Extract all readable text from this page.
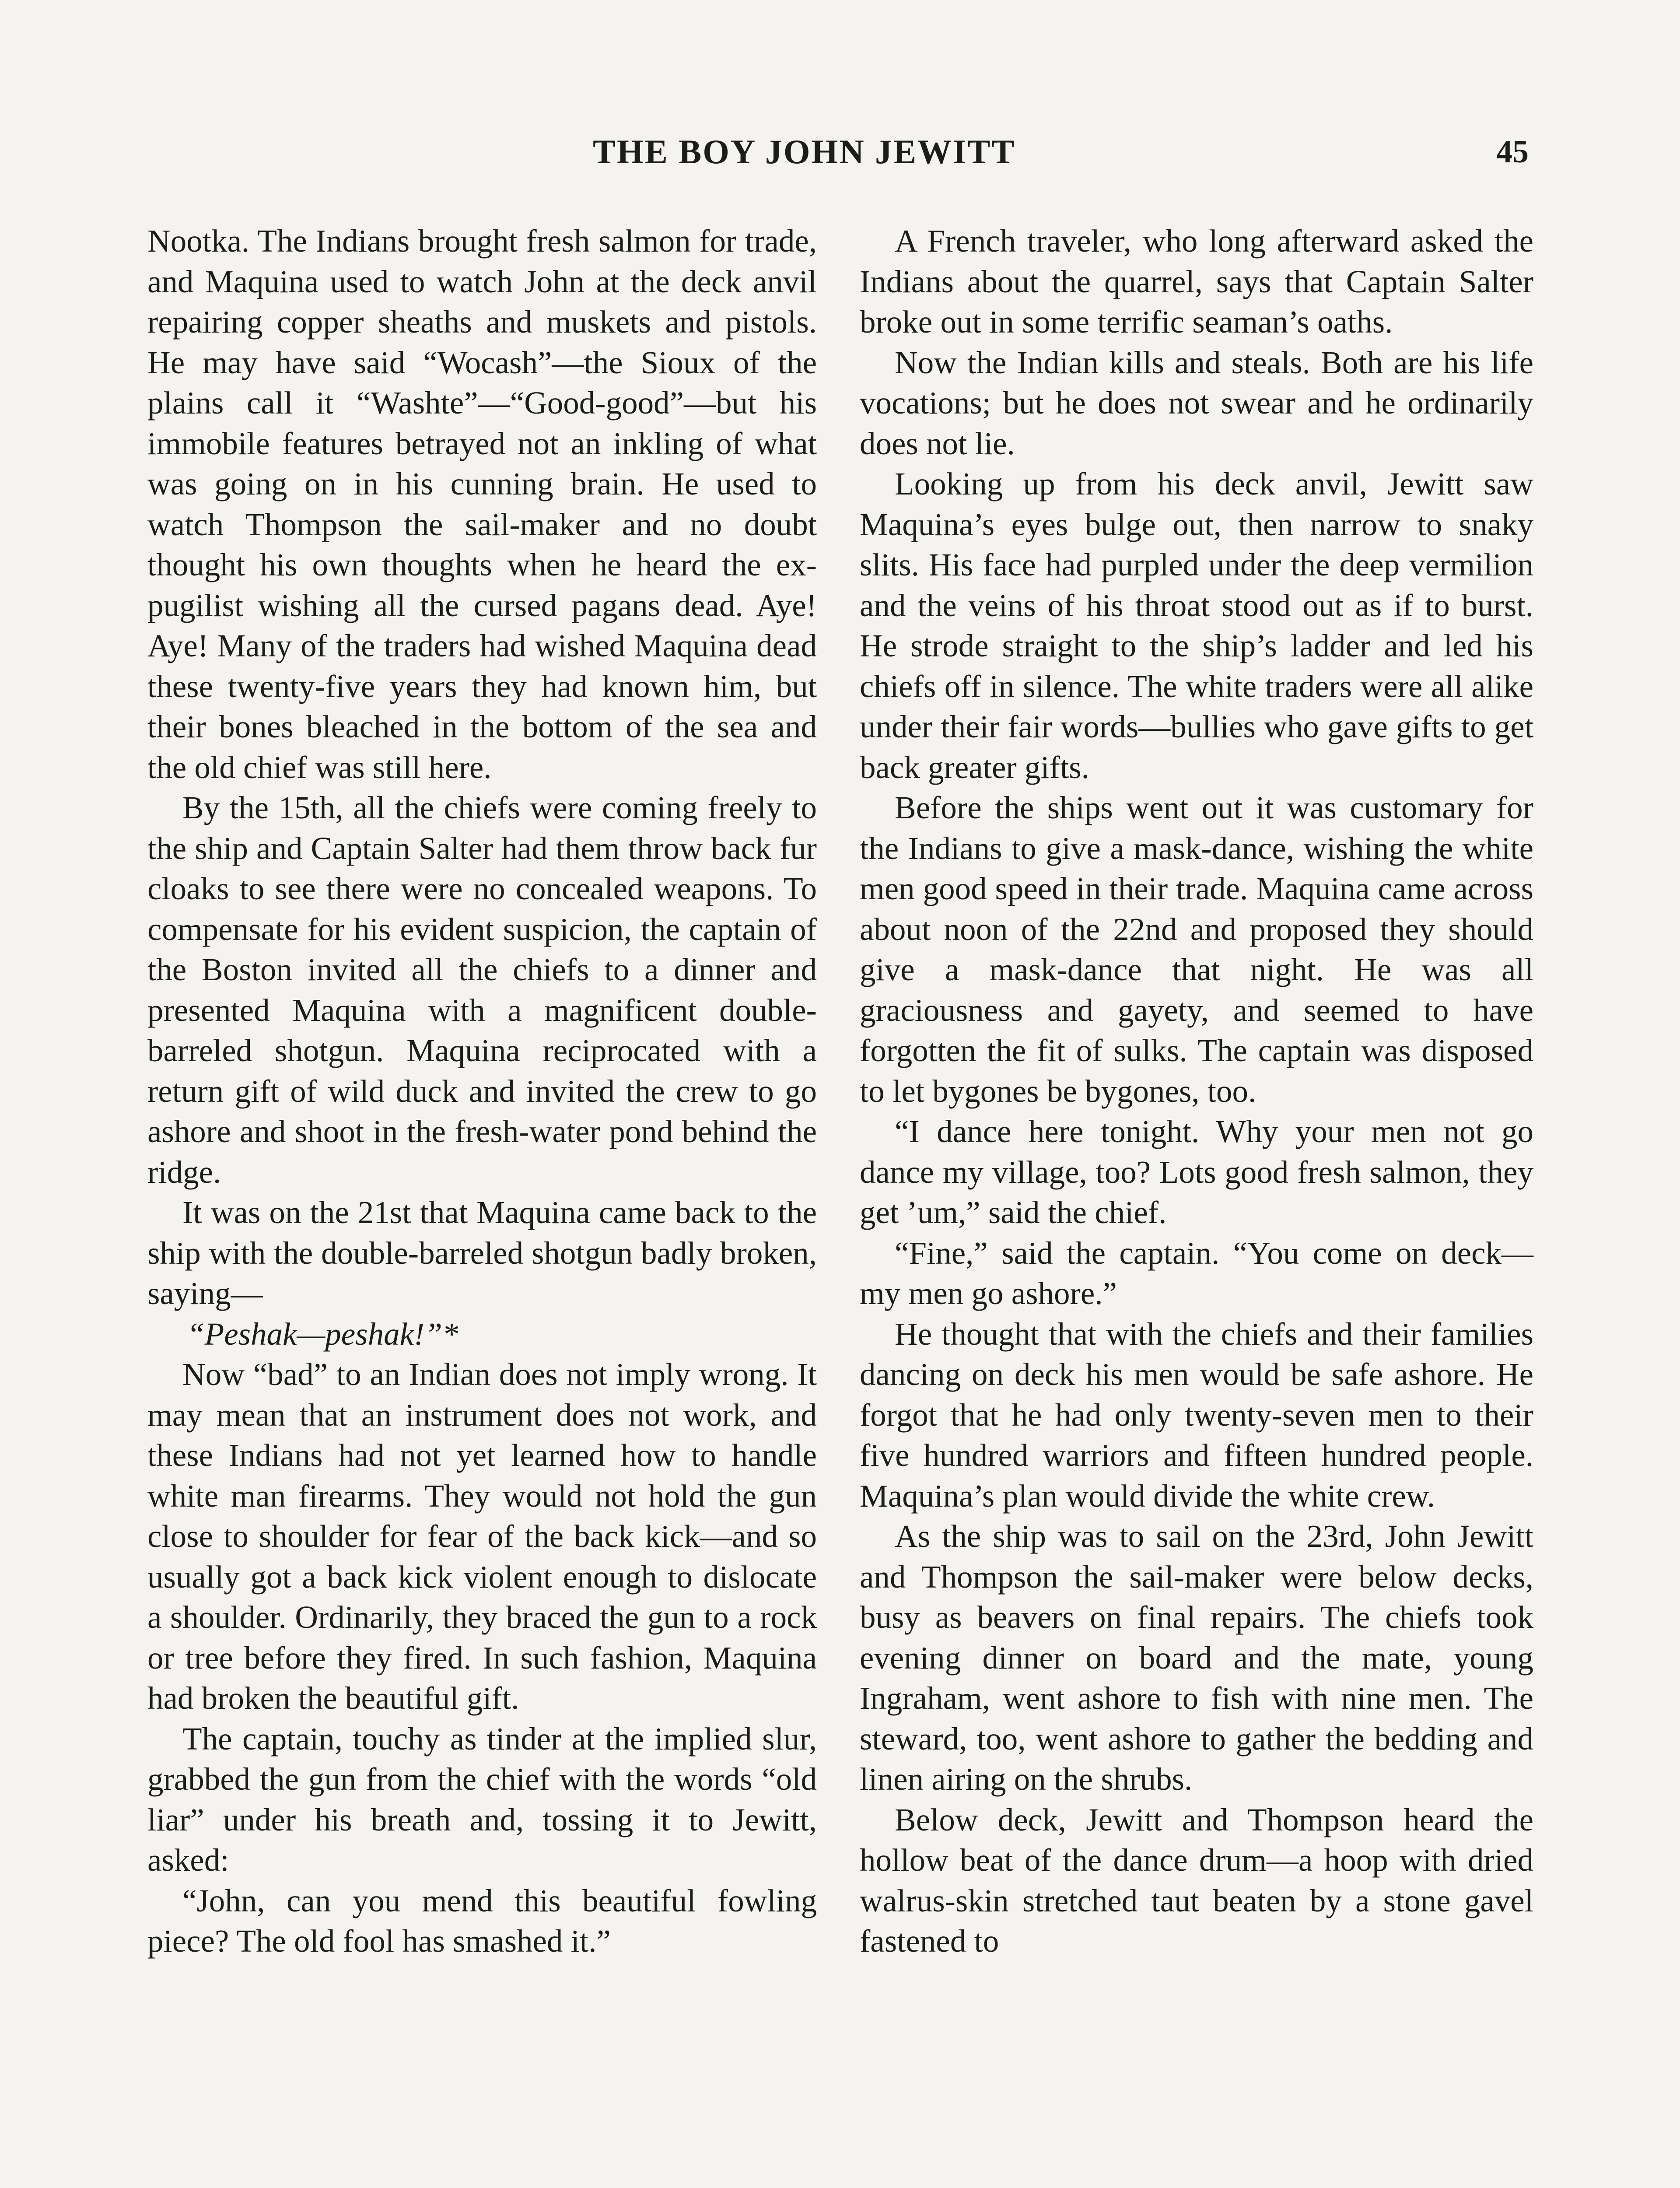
THE BOY JOHN JEWITT	45

Nootka. The Indians brought fresh salmon for trade, and Maquina used to watch John at the deck anvil repairing copper sheaths and muskets and pistols. He may have said “Wocash”—the Sioux of the plains call it “Washte”—“Good-good”—but his immobile features betrayed not an inkling of what was going on in his cunning brain. He used to watch Thompson the sail-maker and no doubt thought his own thoughts when he heard the ex-pugilist wishing all the cursed pagans dead. Aye! Aye! Many of the traders had wished Maquina dead these twenty-five years they had known him, but their bones bleached in the bottom of the sea and the old chief was still here.

By the 15th, all the chiefs were coming freely to the ship and Captain Salter had them throw back fur cloaks to see there were no concealed weapons. To compensate for his evident suspicion, the captain of the Boston invited all the chiefs to a dinner and presented Maquina with a magnificent double-barreled shotgun. Maquina reciprocated with a return gift of wild duck and invited the crew to go ashore and shoot in the fresh-water pond behind the ridge.

It was on the 21st that Maquina came back to the ship with the double-barreled shotgun badly broken, saying—

“Peshak—peshak!”*

Now “bad” to an Indian does not imply wrong. It may mean that an instrument does not work, and these Indians had not yet learned how to handle white man firearms. They would not hold the gun close to shoulder for fear of the back kick—and so usually got a back kick violent enough to dislocate a shoulder. Ordinarily, they braced the gun to a rock or tree before they fired. In such fashion, Maquina had broken the beautiful gift.

The captain, touchy as tinder at the implied slur, grabbed the gun from the chief with the words “old liar” under his breath and, tossing it to Jewitt, asked:

“John, can you mend this beautiful fowling piece? The old fool has smashed it.”

A French traveler, who long afterward asked the Indians about the quarrel, says that Captain Salter broke out in some terrific seaman’s oaths.

Now the Indian kills and steals. Both are his life vocations; but he does not swear and he ordinarily does not lie.

Looking up from his deck anvil, Jewitt saw Maquina’s eyes bulge out, then narrow to snaky slits. His face had purpled under the deep vermilion and the veins of his throat stood out as if to burst. He strode straight to the ship’s ladder and led his chiefs off in silence. The white traders were all alike under their fair words—bullies who gave gifts to get back greater gifts.

Before the ships went out it was customary for the Indians to give a mask-dance, wishing the white men good speed in their trade. Maquina came across about noon of the 22nd and proposed they should give a mask-dance that night. He was all graciousness and gayety, and seemed to have forgotten the fit of sulks. The captain was disposed to let bygones be bygones, too.

“I dance here tonight. Why your men not go dance my village, too? Lots good fresh salmon, they get ’um,” said the chief.

“Fine,” said the captain. “You come on deck—my men go ashore.”

He thought that with the chiefs and their families dancing on deck his men would be safe ashore. He forgot that he had only twenty-seven men to their five hundred warriors and fifteen hundred people. Maquina’s plan would divide the white crew.

As the ship was to sail on the 23rd, John Jewitt and Thompson the sail-maker were below decks, busy as beavers on final repairs. The chiefs took evening dinner on board and the mate, young Ingraham, went ashore to fish with nine men. The steward, too, went ashore to gather the bedding and linen airing on the shrubs.

Below deck, Jewitt and Thompson heard the hollow beat of the dance drum—a hoop with dried walrus-skin stretched taut beaten by a stone gavel fastened to
